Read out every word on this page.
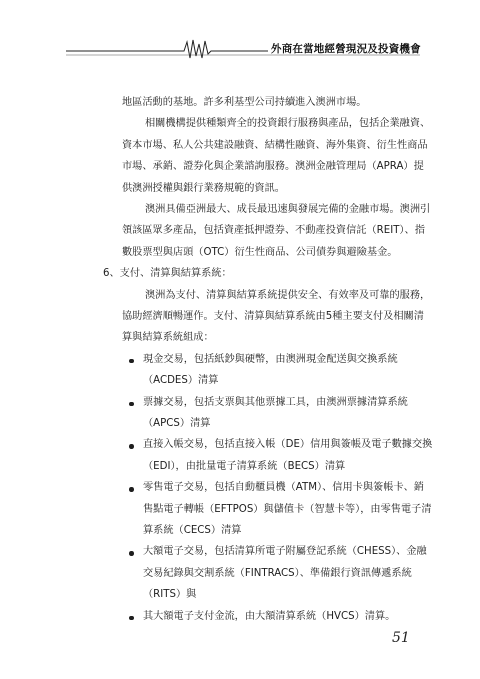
外商在當地經營現況及投資機會
地區活動的基地。許多利基型公司持續進入澳洲市場。
相關機構提供種類齊全的投資銀行服務與產品，包括企業融資、
資本市場、私人公共建設融資、結構性融資、海外集資、衍生性商品
市場、承銷、證券化與企業諮詢服務。澳洲金融管理局（APRA）提
供澳洲授權與銀行業務規範的資訊。
澳洲具備亞洲最大、成長最迅速與發展完備的金融市場。澳洲引
領該區眾多產品，包括資產抵押證券、不動產投資信託（REIT）、指
數股票型與店頭（OTC）衍生性商品、公司債券與避險基金。
6、支付、清算與結算系統：
澳洲為支付、清算與結算系統提供安全、有效率及可靠的服務，
協助經濟順暢運作。支付、清算與結算系統由5種主要支付及相關清
算與結算系統組成：
現金交易，包括紙鈔與硬幣，由澳洲現金配送與交換系統
（ACDES）清算
票據交易，包括支票與其他票據工具，由澳洲票據清算系統
（APCS）清算
直接入帳交易，包括直接入帳（DE）信用與簽帳及電子數據交換
（EDI），由批量電子清算系統（BECS）清算
零售電子交易，包括自動櫃員機（ATM）、信用卡與簽帳卡、銷
售點電子轉帳（EFTPOS）與儲值卡（智慧卡等），由零售電子清
算系統（CECS）清算
大額電子交易，包括清算所電子附屬登記系統（CHESS）、金融
交易紀錄與交割系統（FINTRACS）、準備銀行資訊傳遞系統
（RITS）與
其大額電子支付金流，由大額清算系統（HVCS）清算。
51
